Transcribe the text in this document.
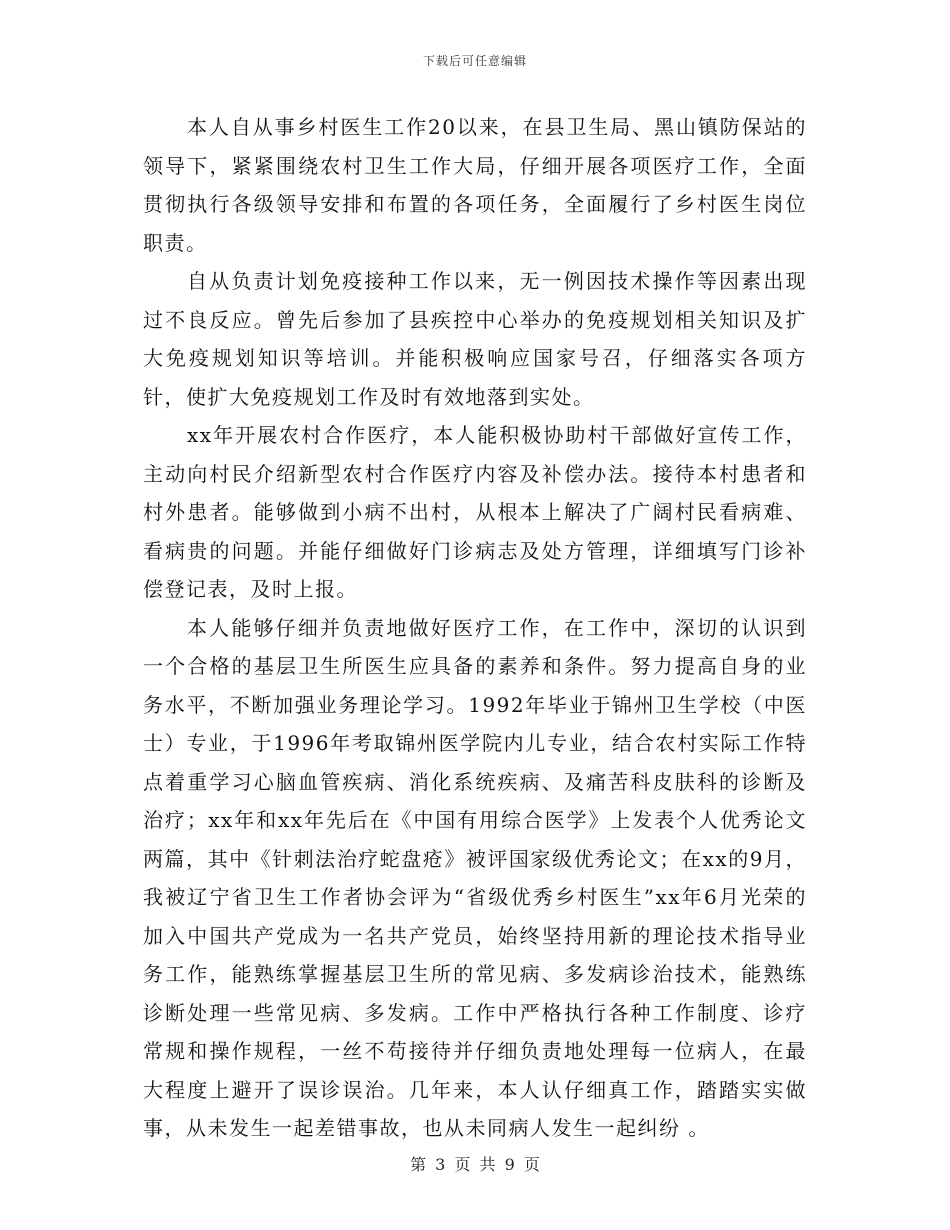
下载后可任意编辑

本人自从事乡村医生工作20以来，在县卫生局、黑山镇防保站的领导下，紧紧围绕农村卫生工作大局，仔细开展各项医疗工作，全面贯彻执行各级领导安排和布置的各项任务，全面履行了乡村医生岗位职责。

自从负责计划免疫接种工作以来，无一例因技术操作等因素出现过不良反应。曾先后参加了县疾控中心举办的免疫规划相关知识及扩大免疫规划知识等培训。并能积极响应国家号召，仔细落实各项方针，使扩大免疫规划工作及时有效地落到实处。

xx年开展农村合作医疗，本人能积极协助村干部做好宣传工作，主动向村民介绍新型农村合作医疗内容及补偿办法。接待本村患者和村外患者。能够做到小病不出村，从根本上解决了广阔村民看病难、看病贵的问题。并能仔细做好门诊病志及处方管理，详细填写门诊补偿登记表，及时上报。

本人能够仔细并负责地做好医疗工作，在工作中，深切的认识到一个合格的基层卫生所医生应具备的素养和条件。努力提高自身的业务水平，不断加强业务理论学习。1992年毕业于锦州卫生学校（中医士）专业，于1996年考取锦州医学院内儿专业，结合农村实际工作特点着重学习心脑血管疾病、消化系统疾病、及痛苦科皮肤科的诊断及治疗；xx年和xx年先后在《中国有用综合医学》上发表个人优秀论文两篇，其中《针刺法治疗蛇盘疮》被评国家级优秀论文；在xx的9月，我被辽宁省卫生工作者协会评为“省级优秀乡村医生”xx年6月光荣的加入中国共产党成为一名共产党员，始终坚持用新的理论技术指导业务工作，能熟练掌握基层卫生所的常见病、多发病诊治技术，能熟练诊断处理一些常见病、多发病。工作中严格执行各种工作制度、诊疗常规和操作规程，一丝不苟接待并仔细负责地处理每一位病人，在最大程度上避开了误诊误治。几年来，本人认仔细真工作，踏踏实实做事，从未发生一起差错事故，也从未同病人发生一起纠纷 。

第 3 页 共 9 页
